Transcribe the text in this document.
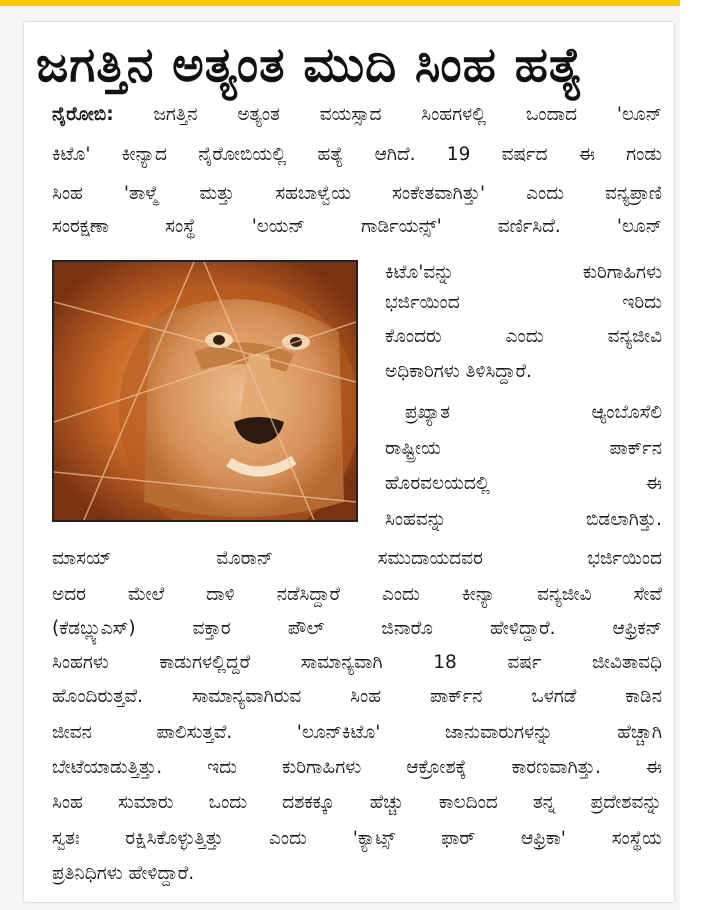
ಜಗತ್ತಿನ ಅತ್ಯಂತ ಮುದಿ ಸಿಂಹ ಹತ್ಯೆ
ನೈರೋಬಿ: ಜಗತ್ತಿನ ಅತ್ಯಂತ ವಯಸ್ಸಾದ ಸಿಂಹಗಳಲ್ಲಿ ಒಂದಾದ 'ಲೂನ್
ಕಿಟೊ' ಕೀನ್ಯಾದ ನೈರೋಬಿಯಲ್ಲಿ ಹತ್ಯೆ ಆಗಿದೆ. 19 ವರ್ಷದ ಈ ಗಂಡು
ಸಿಂಹ 'ತಾಳ್ಮೆ ಮತ್ತು ಸಹಬಾಳ್ವೆಯ ಸಂಕೇತವಾಗಿತ್ತು' ಎಂದು ವನ್ಯಪ್ರಾಣಿ
ಸಂರಕ್ಷಣಾ ಸಂಸ್ಥೆ 'ಲಯನ್ ಗಾರ್ಡಿಯನ್ಸ್' ವರ್ಣಿಸಿದೆ. 'ಲೂನ್
ಕಿಟೊ'ವನ್ನು ಕುರಿಗಾಹಿಗಳು
ಭರ್ಜಿಯಿಂದ ಇರಿದು
ಕೊಂದರು ಎಂದು ವನ್ಯಜೀವಿ
ಅಧಿಕಾರಿಗಳು ತಿಳಿಸಿದ್ದಾರೆ.
ಪ್ರಖ್ಯಾತ ಆ್ಯಂಬೊಸೆಲಿ
ರಾಷ್ಟ್ರೀಯ ಪಾರ್ಕ್‌ನ
ಹೊರವಲಯದಲ್ಲಿ ಈ
ಸಿಂಹವನ್ನು ಬಿಡಲಾಗಿತ್ತು.
ಮಾಸಯ್ ಮೊರಾನ್ ಸಮುದಾಯದವರ ಭರ್ಜಿಯಿಂದ
ಅದರ ಮೇಲೆ ದಾಳಿ ನಡೆಸಿದ್ದಾರೆ ಎಂದು ಕೀನ್ಯಾ ವನ್ಯಜೀವಿ ಸೇವೆ
(ಕೆಡಬ್ಲ್ಯುಎಸ್) ವಕ್ತಾರ ಪೌಲ್ ಜಿನಾರೊ ಹೇಳಿದ್ದಾರೆ. ಆಫ್ರಿಕನ್
ಸಿಂಹಗಳು ಕಾಡುಗಳಲ್ಲಿದ್ದರೆ ಸಾಮಾನ್ಯವಾಗಿ 18 ವರ್ಷ ಜೀವಿತಾವಧಿ
ಹೊಂದಿರುತ್ತವೆ. ಸಾಮಾನ್ಯವಾಗಿರುವ ಸಿಂಹ ಪಾರ್ಕ್‌ನ ಒಳಗಡೆ ಕಾಡಿನ
ಜೀವನ ಪಾಲಿಸುತ್ತವೆ. 'ಲೂನ್‌ಕಿಟೊ' ಜಾನುವಾರುಗಳನ್ನು ಹೆಚ್ಚಾಗಿ
ಬೇಟೆಯಾಡುತ್ತಿತ್ತು. ಇದು ಕುರಿಗಾಹಿಗಳು ಆಕ್ರೋಶಕ್ಕೆ ಕಾರಣವಾಗಿತ್ತು. ಈ
ಸಿಂಹ ಸುಮಾರು ಒಂದು ದಶಕಕ್ಕೂ ಹೆಚ್ಚು ಕಾಲದಿಂದ ತನ್ನ ಪ್ರದೇಶವನ್ನು
ಸ್ವತಃ ರಕ್ಷಿಸಿಕೊಳ್ಳುತ್ತಿತ್ತು ಎಂದು 'ಕ್ಯಾಟ್ಸ್ ಫಾರ್ ಆಫ್ರಿಕಾ' ಸಂಸ್ಥೆಯ
ಪ್ರತಿನಿಧಿಗಳು ಹೇಳಿದ್ದಾರೆ.
